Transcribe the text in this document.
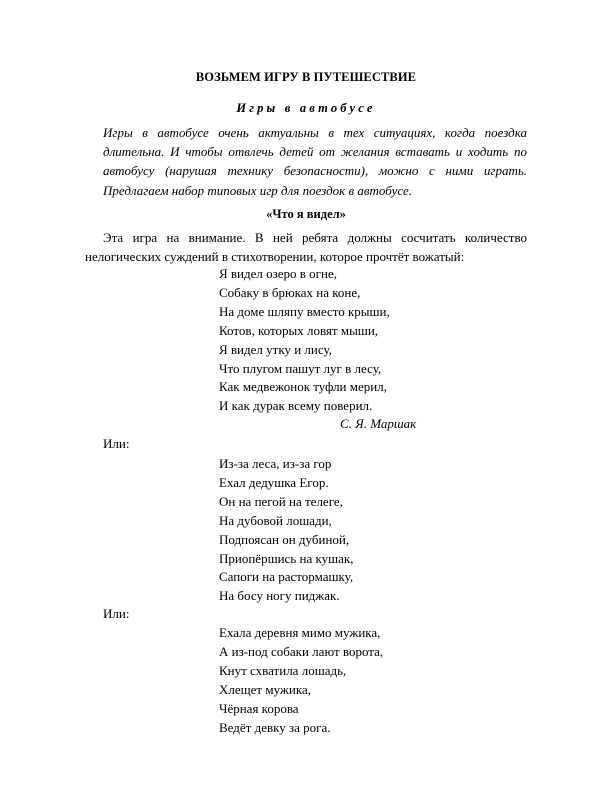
ВОЗЬМЕМ ИГРУ В ПУТЕШЕСТВИЕ
Игры в автобусе
Игры в автобусе очень актуальны в тех ситуациях, когда поездка
длительна. И чтобы отвлечь детей от желания вставать и ходить по
автобусу (нарушая технику безопасности), можно с ними играть.
Предлагаем набор типовых игр для поездок в автобусе.
«Что я видел»
Эта игра на внимание. В ней ребята должны сосчитать количество
нелогических суждений в стихотворении, которое прочтёт вожатый:
Я видел озеро в огне,
Собаку в брюках на коне,
На доме шляпу вместо крыши,
Котов, которых ловят мыши,
Я видел утку и лису,
Что плугом пашут луг в лесу,
Как медвежонок туфли мерил,
И как дурак всему поверил.
С. Я. Маршак
Или:
Из-за леса, из-за гор
Ехал дедушка Егор.
Он на пегой на телеге,
На дубовой лошади,
Подпоясан он дубиной,
Приопёршись на кушак,
Сапоги на растормашку,
На босу ногу пиджак.
Или:
Ехала деревня мимо мужика,
А из-под собаки лают ворота,
Кнут схватила лошадь,
Хлещет мужика,
Чёрная корова
Ведёт девку за рога.
